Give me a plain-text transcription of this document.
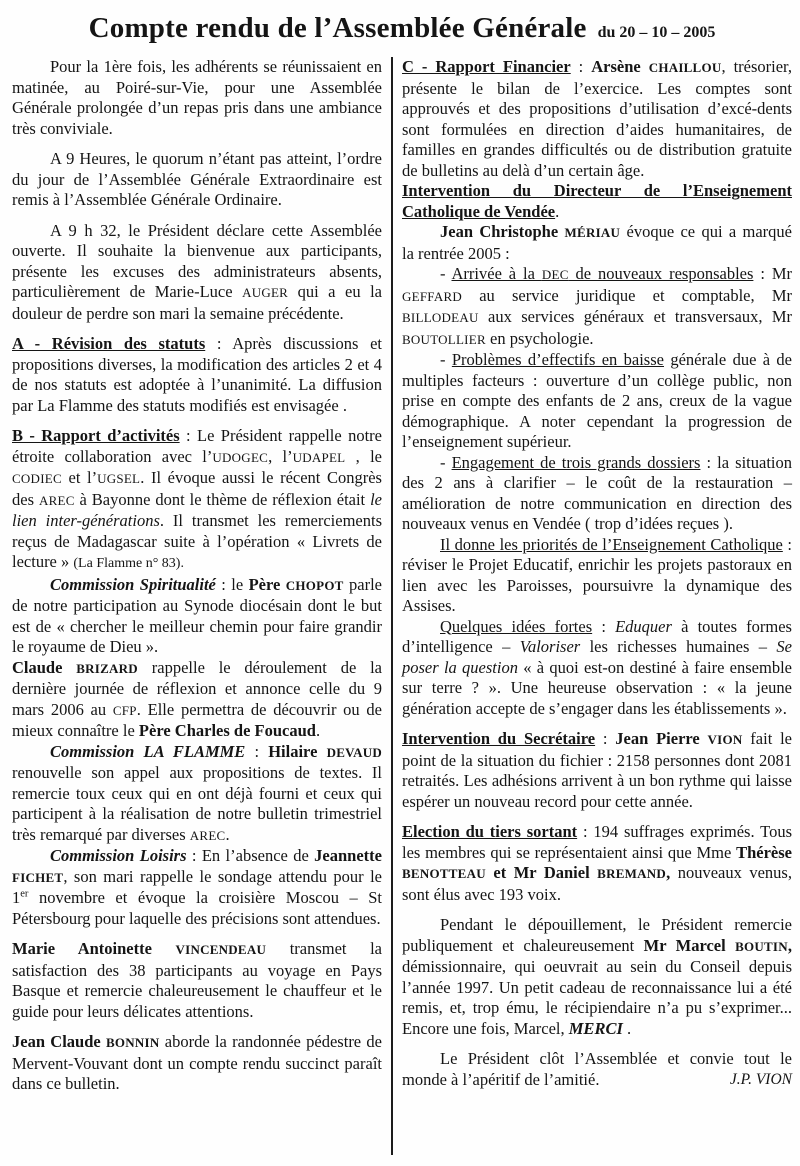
Compte rendu de l’Assemblée Générale du 20 – 10 – 2005

Pour la 1ère fois, les adhérents se réunissaient en matinée, au Poiré-sur-Vie, pour une Assemblée Générale prolongée d’un repas pris dans une ambiance très conviviale.

A 9 Heures, le quorum n’étant pas atteint, l’ordre du jour de l’Assemblée Générale Extraordinaire est remis à l’Assemblée Générale Ordinaire.

A 9 h 32, le Président déclare cette Assemblée ouverte. Il souhaite la bienvenue aux participants, présente les excuses des administrateurs absents, particulièrement de Marie-Luce AUGER qui a eu la douleur de perdre son mari la semaine précédente.

A - Révision des statuts : Après discussions et propositions diverses, la modification des articles 2 et 4 de nos statuts est adoptée à l’unanimité. La diffusion par La Flamme des statuts modifiés est envisagée .

B - Rapport d’activités : Le Président rappelle notre étroite collaboration avec l’UDOGEC, l’UDAPEL , le CODIEC et l’UGSEL. Il évoque aussi le récent Congrès des AREC à Bayonne dont le thème de réflexion était le lien inter-générations. Il transmet les remerciements reçus de Madagascar suite à l’opération « Livrets de lecture » (La Flamme n° 83).

Commission Spiritualité : le Père CHOPOT parle de notre participation au Synode diocésain dont le but est de « chercher le meilleur chemin pour faire grandir le royaume de Dieu ».

Claude BRIZARD rappelle le déroulement de la dernière journée de réflexion et annonce celle du 9 mars 2006 au CFP. Elle permettra de découvrir ou de mieux connaître le Père Charles de Foucaud.

Commission LA FLAMME : Hilaire DEVAUD renouvelle son appel aux propositions de textes. Il remercie toux ceux qui en ont déjà fourni et ceux qui participent à la réalisation de notre bulletin trimestriel très remarqué par diverses AREC.

Commission Loisirs : En l’absence de Jeannette FICHET, son mari rappelle le sondage attendu pour le 1er novembre et évoque la croisière Moscou – St Pétersbourg pour laquelle des précisions sont attendues.

Marie Antoinette VINCENDEAU transmet la satisfaction des 38 participants au voyage en Pays Basque et remercie chaleureusement le chauffeur et le guide pour leurs délicates attentions.

Jean Claude BONNIN aborde la randonnée pédestre de Mervent-Vouvant dont un compte rendu succinct paraît dans ce bulletin.

C - Rapport Financier : Arsène CHAILLOU, trésorier, présente le bilan de l’exercice. Les comptes sont approuvés et des propositions d’utilisation d’excé-dents sont formulées en direction d’aides humanitaires, de familles en grandes difficultés ou de distribution gratuite de bulletins au delà d’un certain âge.

Intervention du Directeur de l’Enseignement Catholique de Vendée.

Jean Christophe MÉRIAU évoque ce qui a marqué la rentrée 2005 :

- Arrivée à la DEC de nouveaux responsables : Mr GEFFARD au service juridique et comptable, Mr BILLODEAU aux services généraux et transversaux, Mr BOUTOLLIER en psychologie.

- Problèmes d’effectifs en baisse générale due à de multiples facteurs : ouverture d’un collège public, non prise en compte des enfants de 2 ans, creux de la vague démographique. A noter cependant la progression de l’enseignement supérieur.

- Engagement de trois grands dossiers : la situation des 2 ans à clarifier – le coût de la restauration – amélioration de notre communication en direction des nouveaux venus en Vendée ( trop d’idées reçues ).

Il donne les priorités de l’Enseignement Catholique : réviser le Projet Educatif, enrichir les projets pastoraux en lien avec les Paroisses, poursuivre la dynamique des Assises.

Quelques idées fortes : Eduquer à toutes formes d’intelligence – Valoriser les richesses humaines – Se poser la question « à quoi est-on destiné à faire ensemble sur terre ? ». Une heureuse observation : « la jeune génération accepte de s’engager dans les établissements ».

Intervention du Secrétaire : Jean Pierre VION fait le point de la situation du fichier : 2158 personnes dont 2081 retraités. Les adhésions arrivent à un bon rythme qui laisse espérer un nouveau record pour cette année.

Election du tiers sortant : 194 suffrages exprimés. Tous les membres qui se représentaient ainsi que Mme Thérèse BENOTTEAU et Mr Daniel BREMAND, nouveaux venus, sont élus avec 193 voix.

Pendant le dépouillement, le Président remercie publiquement et chaleureusement Mr Marcel BOUTIN, démissionnaire, qui oeuvrait au sein du Conseil depuis l’année 1997. Un petit cadeau de reconnaissance lui a été remis, et, trop ému, le récipiendaire n’a pu s’exprimer... Encore une fois, Marcel, MERCI .

Le Président clôt l’Assemblée et convie tout le monde à l’apéritif de l’amitié.	J.P. VION
